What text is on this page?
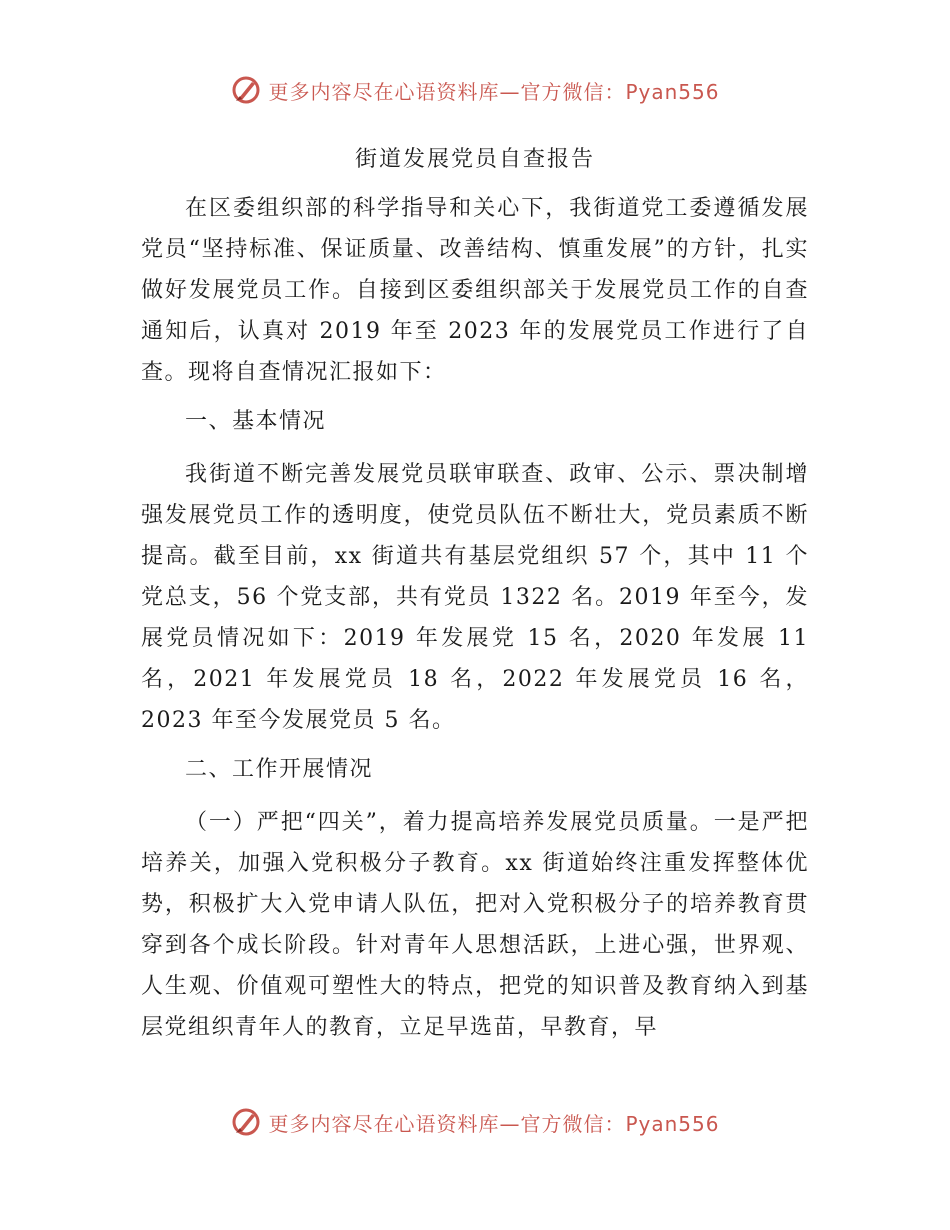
更多内容尽在心语资料库—官方微信：Pyan556
街道发展党员自查报告

在区委组织部的科学指导和关心下，我街道党工委遵循发展党员“坚持标准、保证质量、改善结构、慎重发展”的方针，扎实做好发展党员工作。自接到区委组织部关于发展党员工作的自查通知后，认真对 2019 年至 2023 年的发展党员工作进行了自查。现将自查情况汇报如下：

一、基本情况

我街道不断完善发展党员联审联查、政审、公示、票决制增强发展党员工作的透明度，使党员队伍不断壮大，党员素质不断提高。截至目前，xx 街道共有基层党组织 57 个，其中 11 个党总支，56 个党支部，共有党员 1322 名。2019 年至今，发展党员情况如下：2019 年发展党 15 名，2020 年发展 11 名，2021 年发展党员 18 名，2022 年发展党员 16 名，2023 年至今发展党员 5 名。

二、工作开展情况

（一）严把“四关”，着力提高培养发展党员质量。一是严把培养关，加强入党积极分子教育。xx 街道始终注重发挥整体优势，积极扩大入党申请人队伍，把对入党积极分子的培养教育贯穿到各个成长阶段。针对青年人思想活跃，上进心强，世界观、人生观、价值观可塑性大的特点，把党的知识普及教育纳入到基层党组织青年人的教育，立足早选苗，早教育，早

更多内容尽在心语资料库—官方微信：Pyan556
